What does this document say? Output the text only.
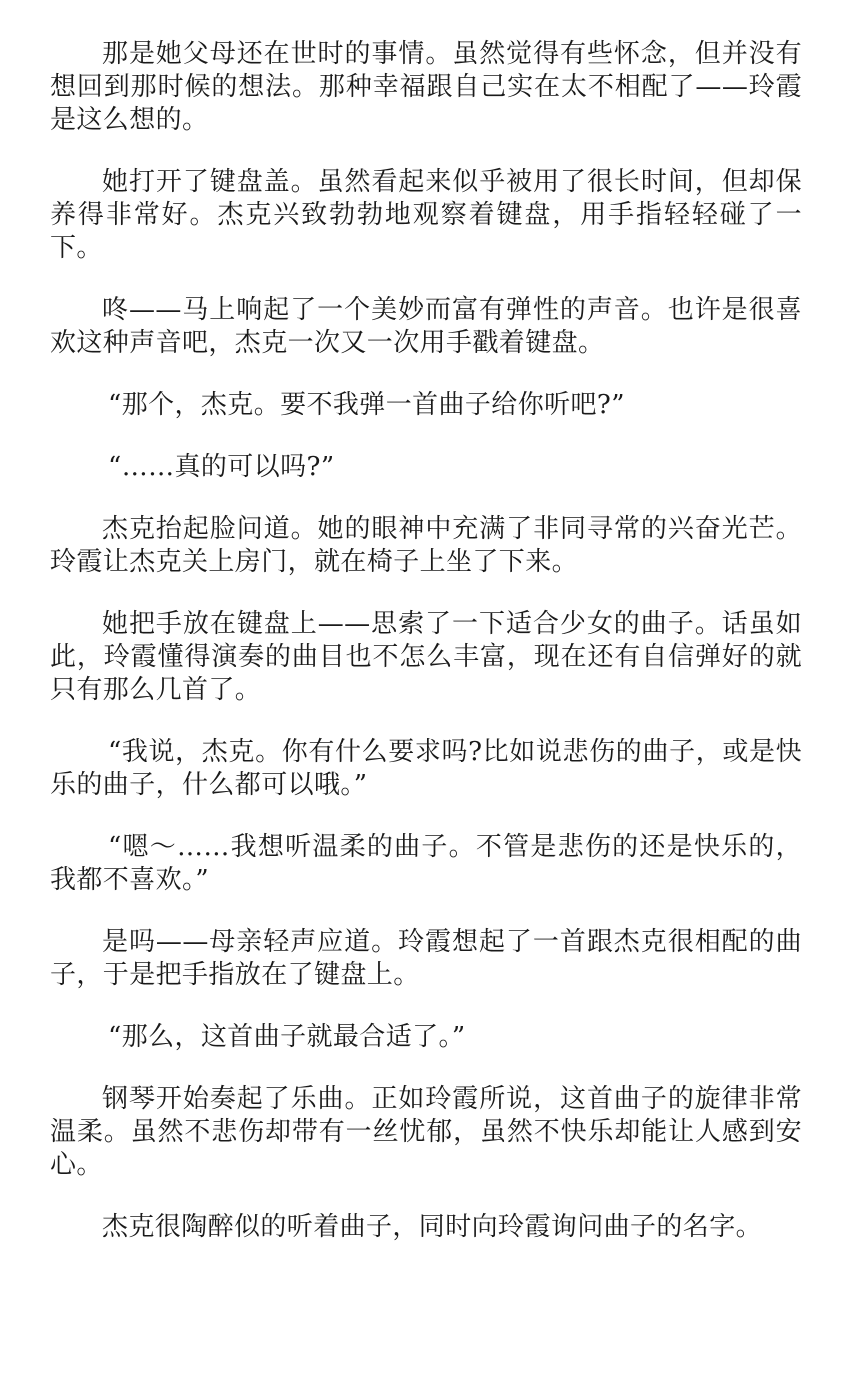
那是她父母还在世时的事情。虽然觉得有些怀念，但并没有想回到那时候的想法。那种幸福跟自己实在太不相配了——玲霞是这么想的。

她打开了键盘盖。虽然看起来似乎被用了很长时间，但却保养得非常好。杰克兴致勃勃地观察着键盘，用手指轻轻碰了一下。

咚——马上响起了一个美妙而富有弹性的声音。也许是很喜欢这种声音吧，杰克一次又一次用手戳着键盘。

“那个，杰克。要不我弹一首曲子给你听吧?”

“……真的可以吗?”

杰克抬起脸问道。她的眼神中充满了非同寻常的兴奋光芒。玲霞让杰克关上房门，就在椅子上坐了下来。

她把手放在键盘上——思索了一下适合少女的曲子。话虽如此，玲霞懂得演奏的曲目也不怎么丰富，现在还有自信弹好的就只有那么几首了。

“我说，杰克。你有什么要求吗?比如说悲伤的曲子，或是快乐的曲子，什么都可以哦。”

“嗯～……我想听温柔的曲子。不管是悲伤的还是快乐的，我都不喜欢。”

是吗——母亲轻声应道。玲霞想起了一首跟杰克很相配的曲子，于是把手指放在了键盘上。

“那么，这首曲子就最合适了。”

钢琴开始奏起了乐曲。正如玲霞所说，这首曲子的旋律非常温柔。虽然不悲伤却带有一丝忧郁，虽然不快乐却能让人感到安心。

杰克很陶醉似的听着曲子，同时向玲霞询问曲子的名字。
